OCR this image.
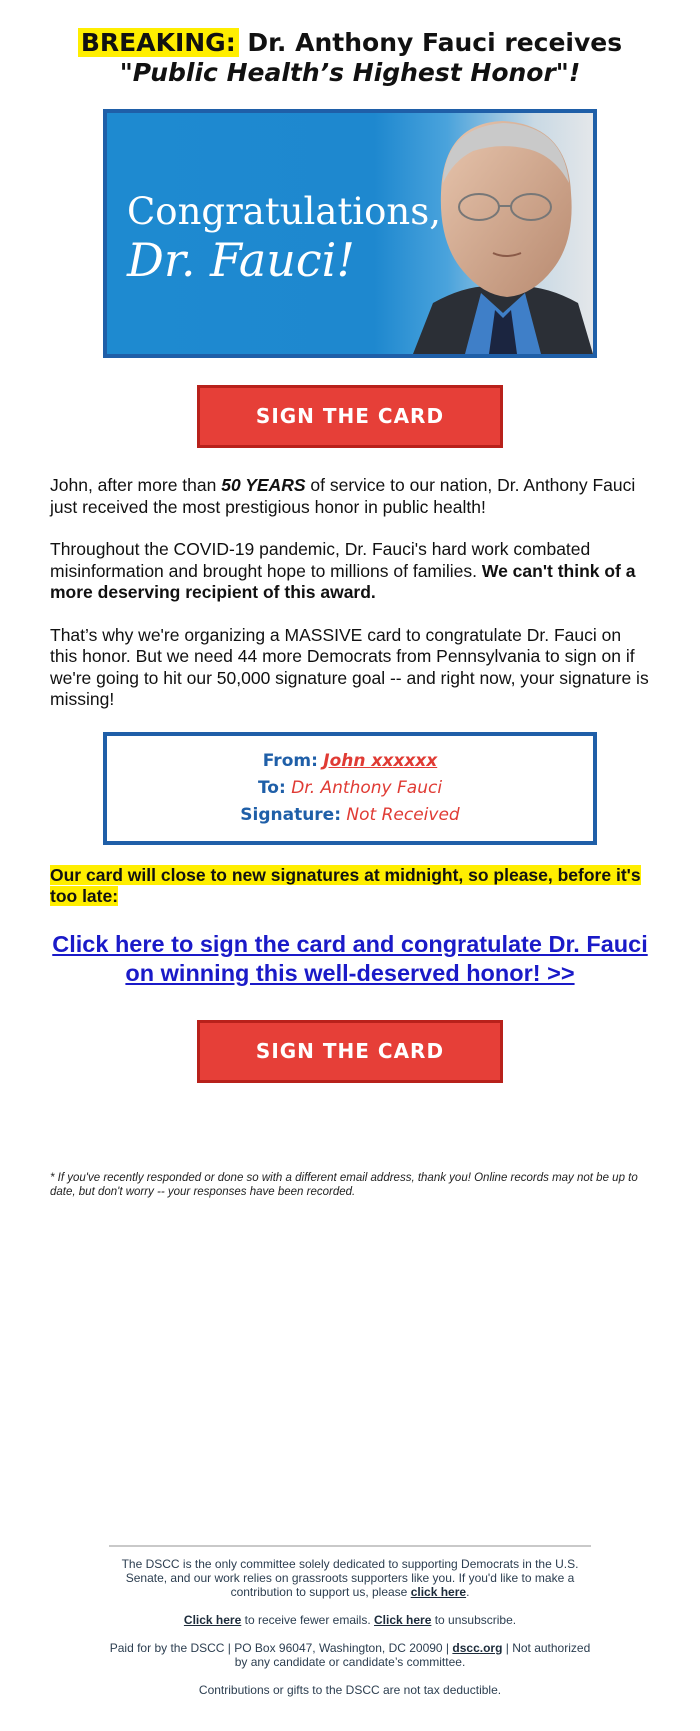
BREAKING: Dr. Anthony Fauci receives
"Public Health’s Highest Honor"!
Congratulations,
Dr. Fauci!
SIGN THE CARD

John, after more than 50 YEARS of service to our nation, Dr. Anthony Fauci just received the most prestigious honor in public health!

Throughout the COVID-19 pandemic, Dr. Fauci's hard work combated misinformation and brought hope to millions of families. We can't think of a more deserving recipient of this award.

That’s why we're organizing a MASSIVE card to congratulate Dr. Fauci on this honor. But we need 44 more Democrats from Pennsylvania to sign on if we're going to hit our 50,000 signature goal -- and right now, your signature is missing!

From: John xxxxxx
To: Dr. Anthony Fauci
Signature: Not Received
Our card will close to new signatures at midnight, so please, before it's too late:
Click here to sign the card and congratulate Dr. Fauci on winning this well-deserved honor! >>
SIGN THE CARD
* If you've recently responded or done so with a different email address, thank you! Online records may not be up to date, but don't worry -- your responses have been recorded.

The DSCC is the only committee solely dedicated to supporting Democrats in the U.S. Senate, and our work relies on grassroots supporters like you. If you'd like to make a contribution to support us, please click here.

Click here to receive fewer emails. Click here to unsubscribe.

Paid for by the DSCC | PO Box 96047, Washington, DC 20090 | dscc.org | Not authorized by any candidate or candidate’s committee.

Contributions or gifts to the DSCC are not tax deductible.
